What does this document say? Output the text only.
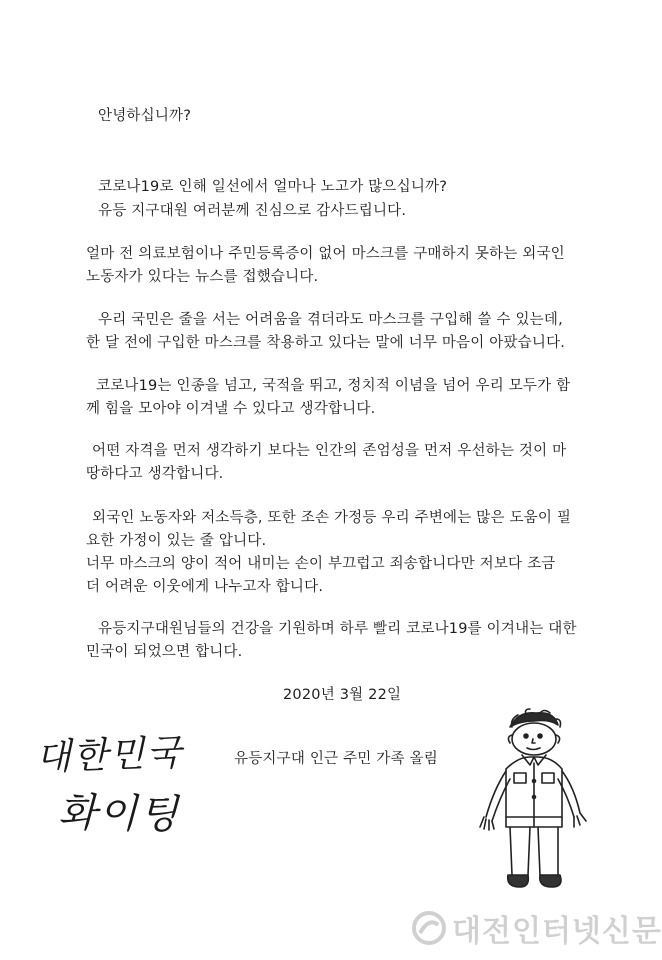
안녕하십니까?
코로나19로 인해 일선에서 얼마나 노고가 많으십니까?
유등 지구대원 여러분께 진심으로 감사드립니다.
얼마 전 의료보험이나 주민등록증이 없어 마스크를 구매하지 못하는 외국인
노동자가 있다는 뉴스를 접했습니다.
우리 국민은 줄을 서는 어려움을 겪더라도 마스크를 구입해 쓸 수 있는데,
한 달 전에 구입한 마스크를 착용하고 있다는 말에 너무 마음이 아팠습니다.
코로나19는 인종을 넘고, 국적을 뛰고, 정치적 이념을 넘어 우리 모두가 함
께 힘을 모아야 이겨낼 수 있다고 생각합니다.
어떤 자격을 먼저 생각하기 보다는 인간의 존엄성을 먼저 우선하는 것이 마
땅하다고 생각합니다.
외국인 노동자와 저소득층, 또한 조손 가정등 우리 주변에는 많은 도움이 필
요한 가정이 있는 줄 압니다.
너무 마스크의 양이 적어 내미는 손이 부끄럽고 죄송합니다만 저보다 조금
더 어려운 이웃에게 나누고자 합니다.
유등지구대원님들의 건강을 기원하며 하루 빨리 코로나19를 이겨내는 대한
민국이 되었으면 합니다.
2020년 3월 22일
유등지구대 인근 주민 가족 올림
대한민국
화이팅
대전인터넷신문
